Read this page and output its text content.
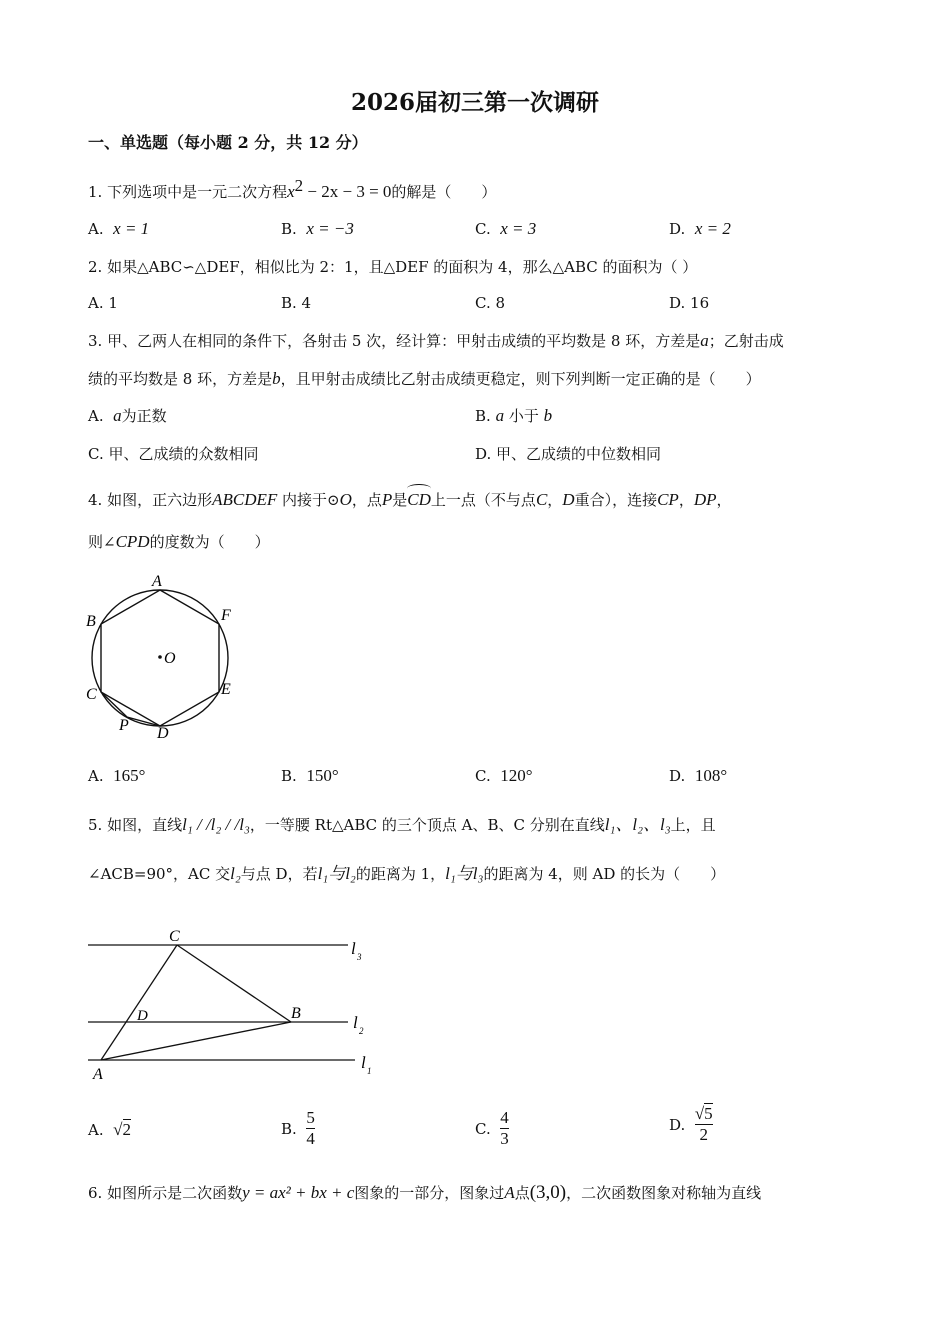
2026届初三第一次调研
一、单选题（每小题 2 分，共 12 分）
1. 下列选项中是一元二次方程$x^2 - 2x - 3 = 0$的解是（　　）
A. x = 1	B. x = −3	C. x = 3	D. x = 2
2. 如果△ABC∽△DEF，相似比为 2：1，且△DEF 的面积为 4，那么△ABC 的面积为（ ）
A. 1	B. 4	C. 8	D. 16
3. 甲、乙两人在相同的条件下，各射击 5 次，经计算：甲射击成绩的平均数是 8 环，方差是a；乙射击成
绩的平均数是 8 环，方差是b，且甲射击成绩比乙射击成绩更稳定，则下列判断一定正确的是（　　）
A. a为正数	B. a 小于 b
C. 甲、乙成绩的众数相同	D. 甲、乙成绩的中位数相同
4. 如图，正六边形ABCDEF 内接于⊙O，点P是
CD上一点（不与点C，D重合），连接CP，DP，
则∠CPD的度数为（　　）
A
B
C
D
E
F
O
P
A. 165°	B. 150°	C. 120°	D. 108°
5. 如图，直线l₁ / /l₂ / /l₃，一等腰 Rt△ABC 的三个顶点 A、B、C 分别在直线l₁、l₂、l₃上，且
∠ACB=90°，AC 交l₂与点 D，若l₁与l₂的距离为 1，l₁与l₃的距离为 4，则 AD 的长为（　　）
C
D	B
A
l 3
l 2
l 1
A. √2	B.
$\frac{5}{4}$	C.
$\frac{4}{3}$	D.
$\frac{√5}{2}$
6. 如图所示是二次函数y = ax² + bx + c图象的一部分，图象过A点(3,0)，二次函数图象对称轴为直线
